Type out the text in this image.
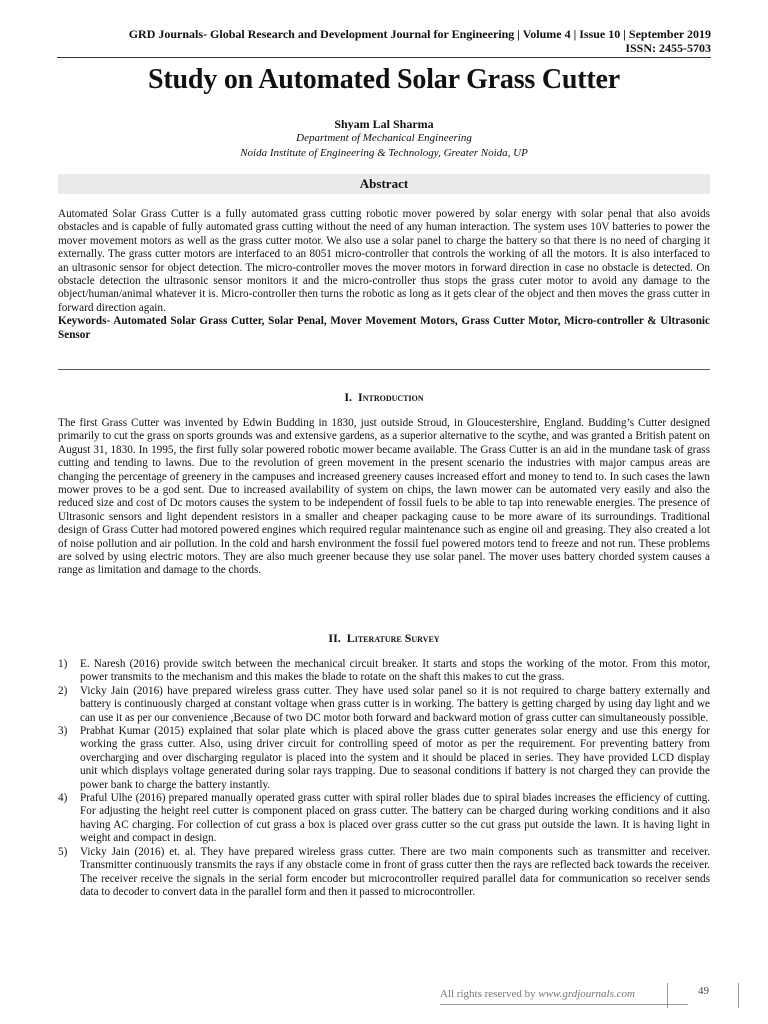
GRD Journals- Global Research and Development Journal for Engineering | Volume 4 | Issue 10 | September 2019
ISSN: 2455-5703
Study on Automated Solar Grass Cutter
Shyam Lal Sharma
Department of Mechanical Engineering
Noida Institute of Engineering & Technology, Greater Noida, UP
Abstract
Automated Solar Grass Cutter is a fully automated grass cutting robotic mover powered by solar energy with solar penal that also avoids obstacles and is capable of fully automated grass cutting without the need of any human interaction. The system uses 10V batteries to power the mover movement motors as well as the grass cutter motor. We also use a solar panel to charge the battery so that there is no need of charging it externally. The grass cutter motors are interfaced to an 8051 micro-controller that controls the working of all the motors. It is also interfaced to an ultrasonic sensor for object detection. The micro-controller moves the mover motors in forward direction in case no obstacle is detected. On obstacle detection the ultrasonic sensor monitors it and the micro-controller thus stops the grass cuter motor to avoid any damage to the object/human/animal whatever it is. Micro-controller then turns the robotic as long as it gets clear of the object and then moves the grass cutter in forward direction again.
Keywords- Automated Solar Grass Cutter, Solar Penal, Mover Movement Motors, Grass Cutter Motor, Micro-controller & Ultrasonic Sensor
I. Introduction
The first Grass Cutter was invented by Edwin Budding in 1830, just outside Stroud, in Gloucestershire, England. Budding’s Cutter designed primarily to cut the grass on sports grounds was and extensive gardens, as a superior alternative to the scythe, and was granted a British patent on August 31, 1830. In 1995, the first fully solar powered robotic mower became available. The Grass Cutter is an aid in the mundane task of grass cutting and tending to lawns. Due to the revolution of green movement in the present scenario the industries with major campus areas are changing the percentage of greenery in the campuses and increased greenery causes increased effort and money to tend to. In such cases the lawn mower proves to be a god sent. Due to increased availability of system on chips, the lawn mower can be automated very easily and also the reduced size and cost of Dc motors causes the system to be independent of fossil fuels to be able to tap into renewable energies. The presence of Ultrasonic sensors and light dependent resistors in a smaller and cheaper packaging cause to be more aware of its surroundings. Traditional design of Grass Cutter had motored powered engines which required regular maintenance such as engine oil and greasing. They also created a lot of noise pollution and air pollution. In the cold and harsh environment the fossil fuel powered motors tend to freeze and not run. These problems are solved by using electric motors. They are also much greener because they use solar panel. The mover uses battery chorded system causes a range as limitation and damage to the chords.
II. Literature Survey
1) E. Naresh (2016) provide switch between the mechanical circuit breaker. It starts and stops the working of the motor. From this motor, power transmits to the mechanism and this makes the blade to rotate on the shaft this makes to cut the grass.
2) Vicky Jain (2016) have prepared wireless grass cutter. They have used solar panel so it is not required to charge battery externally and battery is continuously charged at constant voltage when grass cutter is in working. The battery is getting charged by using day light and we can use it as per our convenience ,Because of two DC motor both forward and backward motion of grass cutter can simultaneously possible.
3) Prabhat Kumar (2015) explained that solar plate which is placed above the grass cutter generates solar energy and use this energy for working the grass cutter. Also, using driver circuit for controlling speed of motor as per the requirement. For preventing battery from overcharging and over discharging regulator is placed into the system and it should be placed in series. They have provided LCD display unit which displays voltage generated during solar rays trapping. Due to seasonal conditions if battery is not charged they can provide the power bank to charge the battery instantly.
4) Praful Ulhe (2016) prepared manually operated grass cutter with spiral roller blades due to spiral blades increases the efficiency of cutting. For adjusting the height reel cutter is component placed on grass cutter. The battery can be charged during working conditions and it also having AC charging. For collection of cut grass a box is placed over grass cutter so the cut grass put outside the lawn. It is having light in weight and compact in design.
5) Vicky Jain (2016) et. al. They have prepared wireless grass cutter. There are two main components such as transmitter and receiver. Transmitter continuously transmits the rays if any obstacle come in front of grass cutter then the rays are reflected back towards the receiver. The receiver receive the signals in the serial form encoder but microcontroller required parallel data for communication so receiver sends data to decoder to convert data in the parallel form and then it passed to microcontroller.
All rights reserved by www.grdjournals.com	49
